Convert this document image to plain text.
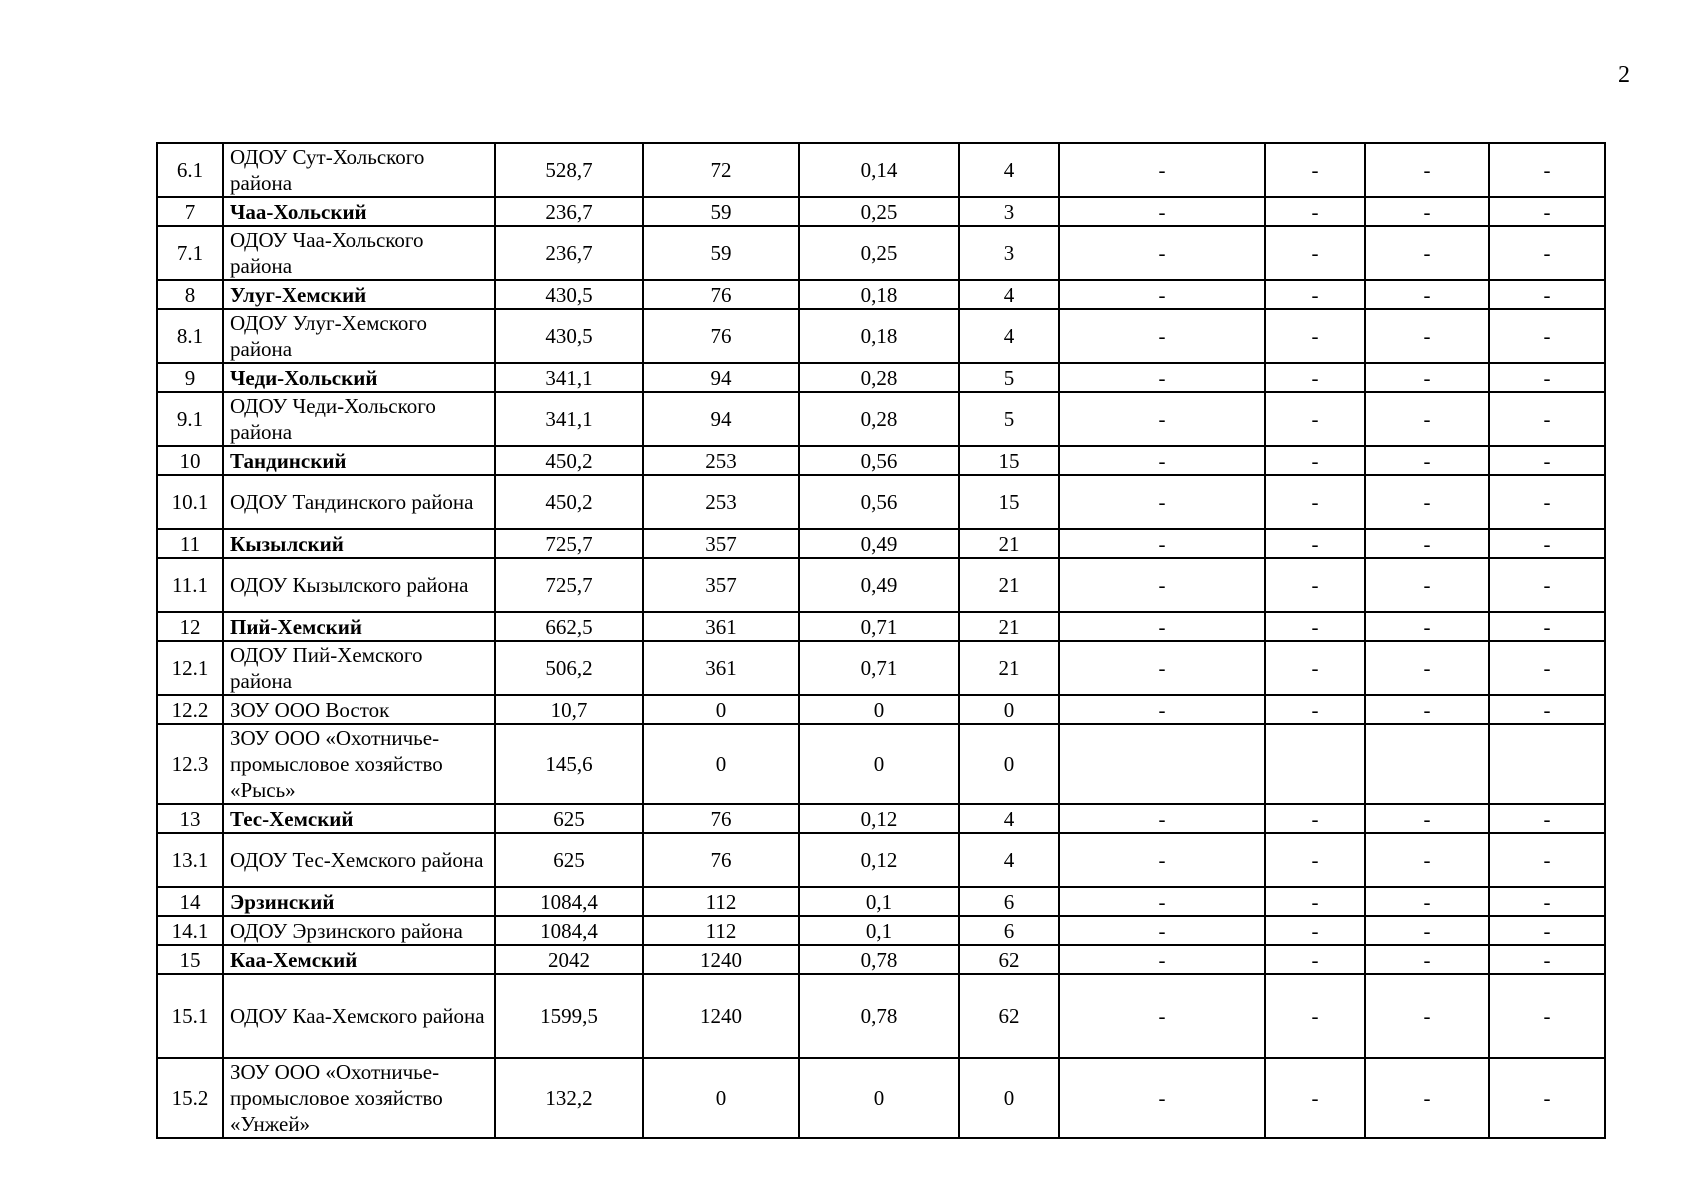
2
6.1	ОДОУ Сут-Хольского района	528,7	72	0,14	4	-	-	-	-
7	Чаа-Хольский	236,7	59	0,25	3	-	-	-	-
7.1	ОДОУ Чаа-Хольского района	236,7	59	0,25	3	-	-	-	-
8	Улуг-Хемский	430,5	76	0,18	4	-	-	-	-
8.1	ОДОУ Улуг-Хемского района	430,5	76	0,18	4	-	-	-	-
9	Чеди-Хольский	341,1	94	0,28	5	-	-	-	-
9.1	ОДОУ Чеди-Хольского района	341,1	94	0,28	5	-	-	-	-
10	Тандинский	450,2	253	0,56	15	-	-	-	-
10.1	ОДОУ Тандинского района	450,2	253	0,56	15	-	-	-	-
11	Кызылский	725,7	357	0,49	21	-	-	-	-
11.1	ОДОУ Кызылского района	725,7	357	0,49	21	-	-	-	-
12	Пий-Хемский	662,5	361	0,71	21	-	-	-	-
12.1	ОДОУ Пий-Хемского района	506,2	361	0,71	21	-	-	-	-
12.2	ЗОУ ООО Восток	10,7	0	0	0	-	-	-	-
12.3	ЗОУ ООО «Охотничье-промысловое хозяйство «Рысь»	145,6	0	0	0				
13	Тес-Хемский	625	76	0,12	4	-	-	-	-
13.1	ОДОУ Тес-Хемского района	625	76	0,12	4	-	-	-	-
14	Эрзинский	1084,4	112	0,1	6	-	-	-	-
14.1	ОДОУ Эрзинского района	1084,4	112	0,1	6	-	-	-	-
15	Каа-Хемский	2042	1240	0,78	62	-	-	-	-
15.1	ОДОУ Каа-Хемского района	1599,5	1240	0,78	62	-	-	-	-
15.2	ЗОУ ООО «Охотничье-промысловое хозяйство «Унжей»	132,2	0	0	0	-	-	-	-
